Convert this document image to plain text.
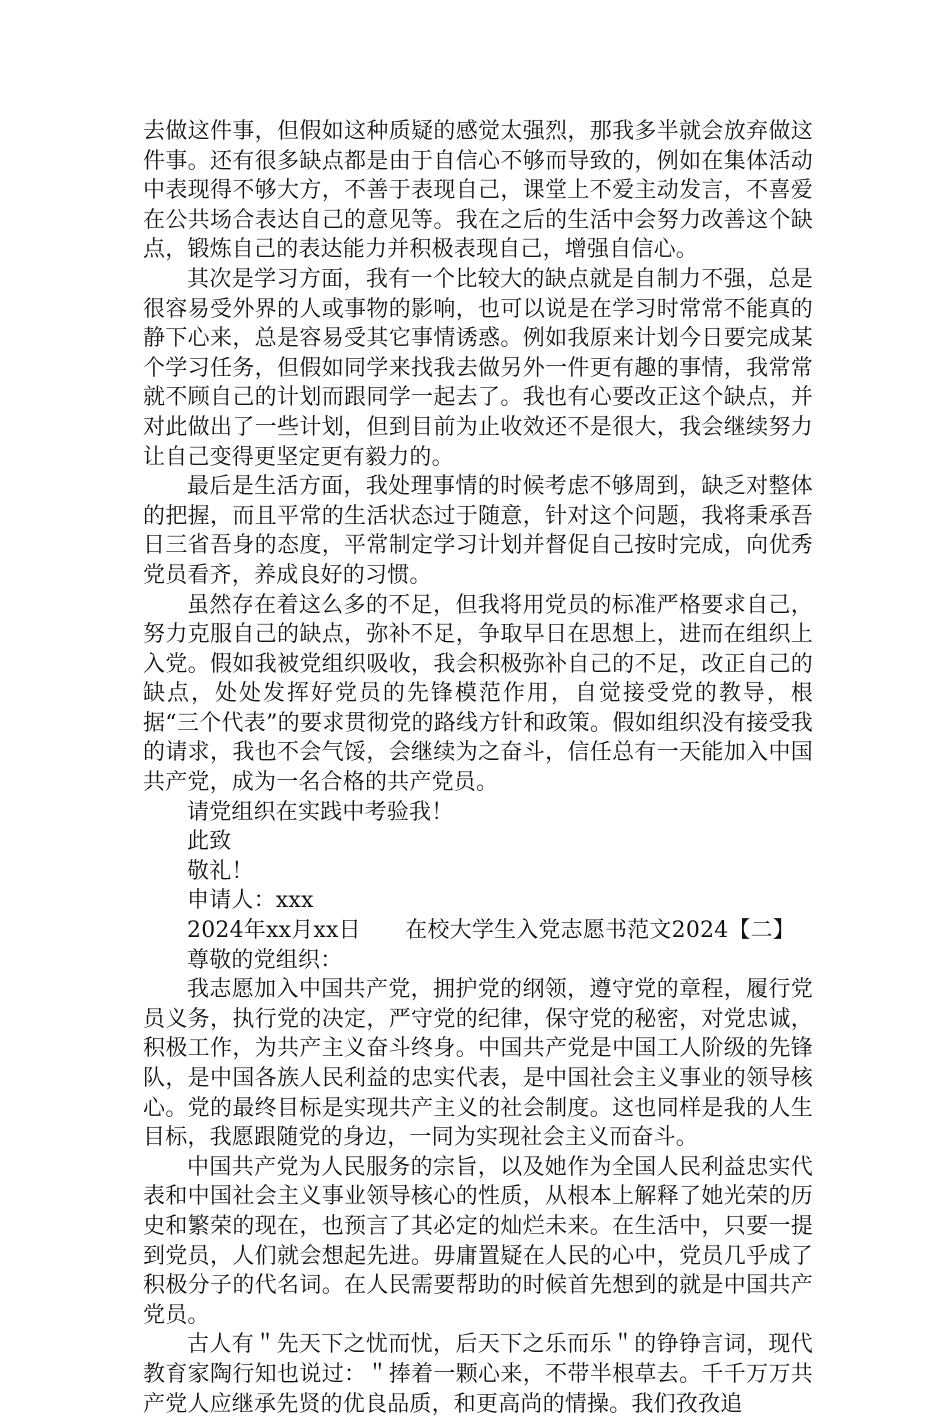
去做这件事，但假如这种质疑的感觉太强烈，那我多半就会放弃做这件事。还有很多缺点都是由于自信心不够而导致的，例如在集体活动中表现得不够大方，不善于表现自己，课堂上不爱主动发言，不喜爱在公共场合表达自己的意见等。我在之后的生活中会努力改善这个缺点，锻炼自己的表达能力并积极表现自己，增强自信心。

其次是学习方面，我有一个比较大的缺点就是自制力不强，总是很容易受外界的人或事物的影响，也可以说是在学习时常常不能真的静下心来，总是容易受其它事情诱惑。例如我原来计划今日要完成某个学习任务，但假如同学来找我去做另外一件更有趣的事情，我常常就不顾自己的计划而跟同学一起去了。我也有心要改正这个缺点，并对此做出了一些计划，但到目前为止收效还不是很大，我会继续努力让自己变得更坚定更有毅力的。

最后是生活方面，我处理事情的时候考虑不够周到，缺乏对整体的把握，而且平常的生活状态过于随意，针对这个问题，我将秉承吾日三省吾身的态度，平常制定学习计划并督促自己按时完成，向优秀党员看齐，养成良好的习惯。

虽然存在着这么多的不足，但我将用党员的标准严格要求自己，努力克服自己的缺点，弥补不足，争取早日在思想上，进而在组织上入党。假如我被党组织吸收，我会积极弥补自己的不足，改正自己的缺点，处处发挥好党员的先锋模范作用，自觉接受党的教导，根据“三个代表”的要求贯彻党的路线方针和政策。假如组织没有接受我的请求，我也不会气馁，会继续为之奋斗，信任总有一天能加入中国共产党，成为一名合格的共产党员。

请党组织在实践中考验我！

此致

敬礼！

申请人：xxx

2024年xx月xx日　　在校大学生入党志愿书范文2024【二】

尊敬的党组织：

我志愿加入中国共产党，拥护党的纲领，遵守党的章程，履行党员义务，执行党的决定，严守党的纪律，保守党的秘密，对党忠诚，积极工作，为共产主义奋斗终身。中国共产党是中国工人阶级的先锋队，是中国各族人民利益的忠实代表，是中国社会主义事业的领导核心。党的最终目标是实现共产主义的社会制度。这也同样是我的人生目标，我愿跟随党的身边，一同为实现社会主义而奋斗。

中国共产党为人民服务的宗旨，以及她作为全国人民利益忠实代表和中国社会主义事业领导核心的性质，从根本上解释了她光荣的历史和繁荣的现在，也预言了其必定的灿烂未来。在生活中，只要一提到党员，人们就会想起先进。毋庸置疑在人民的心中，党员几乎成了积极分子的代名词。在人民需要帮助的时候首先想到的就是中国共产党员。

古人有＂先天下之忧而忧，后天下之乐而乐＂的铮铮言词，现代教育家陶行知也说过：＂捧着一颗心来，不带半根草去。千千万万共产党人应继承先贤的优良品质，和更高尚的情操。我们孜孜追
